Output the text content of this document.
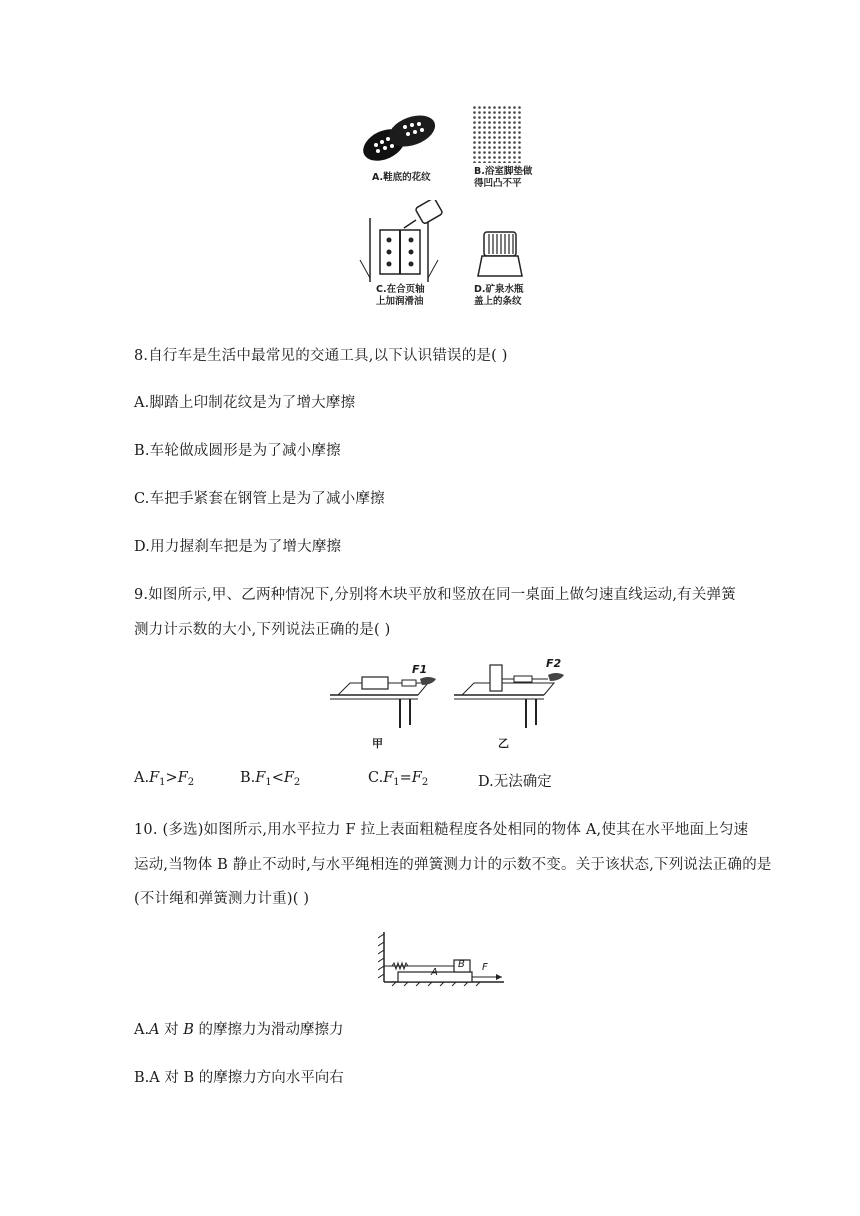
A.鞋底的花纹
B.浴室脚垫做
得凹凸不平
C.在合页轴
上加润滑油
D.矿泉水瓶
盖上的条纹
8.自行车是生活中最常见的交通工具,以下认识错误的是( )
A.脚踏上印制花纹是为了增大摩擦
B.车轮做成圆形是为了减小摩擦
C.车把手紧套在钢管上是为了减小摩擦
D.用力握刹车把是为了增大摩擦
9.如图所示,甲、乙两种情况下,分别将木块平放和竖放在同一桌面上做匀速直线运动,有关弹簧
测力计示数的大小,下列说法正确的是( )
F1
甲
F2
乙
$A.F_1>F_2$	$B.F_1<F_2$	$C.F_1=F_2$	D.无法确定
10. (多选)如图所示,用水平拉力 F 拉上表面粗糙程度各处相同的物体 A,使其在水平地面上匀速
运动,当物体 B 静止不动时,与水平绳相连的弹簧测力计的示数不变。关于该状态,下列说法正确的是
(不计绳和弹簧测力计重)( )
A
B F
A.A 对 B 的摩擦力为滑动摩擦力
B.A 对 B 的摩擦力方向水平向右
